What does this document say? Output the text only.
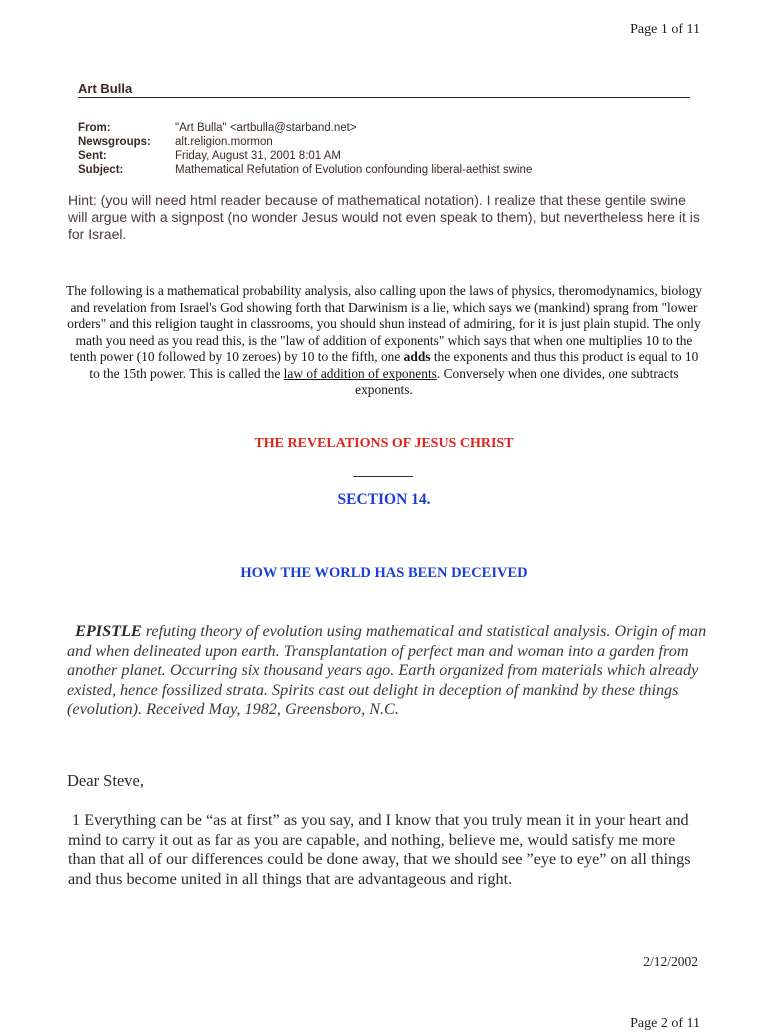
Page 1 of 11
Art Bulla
From:	"Art Bulla" <artbulla@starband.net>
Newsgroups:	alt.religion.mormon
Sent:	Friday, August 31, 2001 8:01 AM
Subject:	Mathematical Refutation of Evolution confounding liberal-aethist swine
Hint: (you will need html reader because of mathematical notation). I realize that these gentile swine will argue with a signpost (no wonder Jesus would not even speak to them), but nevertheless here it is for Israel.
The following is a mathematical probability analysis, also calling upon the laws of physics, theromodynamics, biology and revelation from Israel's God showing forth that Darwinism is a lie, which says we (mankind) sprang from "lower orders" and this religion taught in classrooms, you should shun instead of admiring, for it is just plain stupid. The only math you need as you read this, is the "law of addition of exponents" which says that when one multiplies 10 to the tenth power (10 followed by 10 zeroes) by 10 to the fifth, one adds the exponents and thus this product is equal to 10 to the 15th power. This is called the law of addition of exponents. Conversely when one divides, one subtracts exponents.
THE REVELATIONS OF JESUS CHRIST
SECTION 14.
HOW THE WORLD HAS BEEN DECEIVED
EPISTLE refuting theory of evolution using mathematical and statistical analysis. Origin of man and when delineated upon earth. Transplantation of perfect man and woman into a garden from another planet. Occurring six thousand years ago. Earth organized from materials which already existed, hence fossilized strata. Spirits cast out delight in deception of mankind by these things (evolution). Received May, 1982, Greensboro, N.C.
Dear Steve,
1 Everything can be “as at first” as you say, and I know that you truly mean it in your heart and mind to carry it out as far as you are capable, and nothing, believe me, would satisfy me more than that all of our differences could be done away, that we should see ”eye to eye” on all things and thus become united in all things that are advantageous and right.
2/12/2002
Page 2 of 11
